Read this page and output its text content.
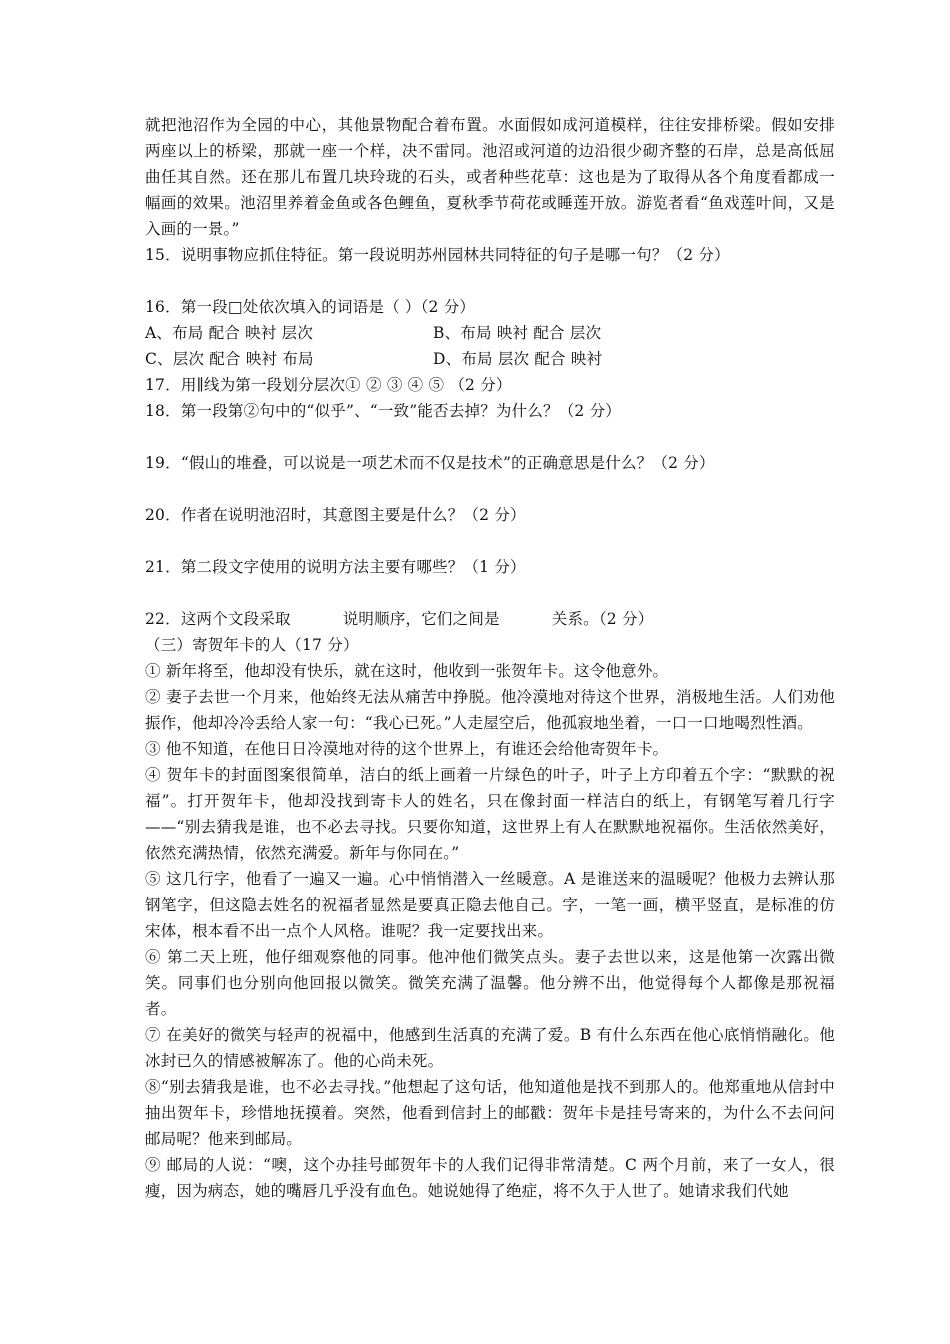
就把池沼作为全园的中心，其他景物配合着布置。水面假如成河道模样，往往安排桥梁。假如安排两座以上的桥梁，那就一座一个样，决不雷同。池沼或河道的边沿很少砌齐整的石岸，总是高低屈曲任其自然。还在那儿布置几块玲珑的石头，或者种些花草：这也是为了取得从各个角度看都成一幅画的效果。池沼里养着金鱼或各色鲤鱼，夏秋季节荷花或睡莲开放。游览者看“鱼戏莲叶间，又是入画的一景。”

15．说明事物应抓住特征。第一段说明苏州园林共同特征的句子是哪一句？（2 分）

16．第一段□处依次填入的词语是（ ）（2 分）

A、布局 配合 映衬 层次	B、布局 映衬 配合 层次
C、层次 配合 映衬 布局	D、布局 层次 配合 映衬

17．用∥线为第一段划分层次① ② ③ ④ ⑤ （2 分）

18．第一段第②句中的“似乎”、“一致”能否去掉？为什么？（2 分）

19．“假山的堆叠，可以说是一项艺术而不仅是技术”的正确意思是什么？（2 分）

20．作者在说明池沼时，其意图主要是什么？（2 分）

21．第二段文字使用的说明方法主要有哪些？（1 分）

22．这两个文段采取	说明顺序，它们之间是	关系。（2 分）

（三）寄贺年卡的人（17 分）

① 新年将至，他却没有快乐，就在这时，他收到一张贺年卡。这令他意外。

② 妻子去世一个月来，他始终无法从痛苦中挣脱。他冷漠地对待这个世界，消极地生活。人们劝他振作，他却冷冷丢给人家一句：“我心已死。”人走屋空后，他孤寂地坐着，一口一口地喝烈性酒。

③ 他不知道，在他日日冷漠地对待的这个世界上，有谁还会给他寄贺年卡。

④ 贺年卡的封面图案很简单，洁白的纸上画着一片绿色的叶子，叶子上方印着五个字：“默默的祝福”。打开贺年卡，他却没找到寄卡人的姓名，只在像封面一样洁白的纸上，有钢笔写着几行字——“别去猜我是谁，也不必去寻找。只要你知道，这世界上有人在默默地祝福你。生活依然美好，依然充满热情，依然充满爱。新年与你同在。”

⑤ 这几行字，他看了一遍又一遍。心中悄悄潜入一丝暖意。A 是谁送来的温暖呢？他极力去辨认那钢笔字，但这隐去姓名的祝福者显然是要真正隐去他自己。字，一笔一画，横平竖直，是标准的仿宋体，根本看不出一点个人风格。谁呢？我一定要找出来。

⑥ 第二天上班，他仔细观察他的同事。他冲他们微笑点头。妻子去世以来，这是他第一次露出微笑。同事们也分别向他回报以微笑。微笑充满了温馨。他分辨不出，他觉得每个人都像是那祝福者。

⑦ 在美好的微笑与轻声的祝福中，他感到生活真的充满了爱。B 有什么东西在他心底悄悄融化。他冰封已久的情感被解冻了。他的心尚未死。

⑧“别去猜我是谁，也不必去寻找。”他想起了这句话，他知道他是找不到那人的。他郑重地从信封中抽出贺年卡，珍惜地抚摸着。突然，他看到信封上的邮戳：贺年卡是挂号寄来的，为什么不去问问邮局呢？他来到邮局。

⑨ 邮局的人说：“噢，这个办挂号邮贺年卡的人我们记得非常清楚。C 两个月前，来了一女人，很瘦，因为病态，她的嘴唇几乎没有血色。她说她得了绝症，将不久于人世了。她请求我们代她
